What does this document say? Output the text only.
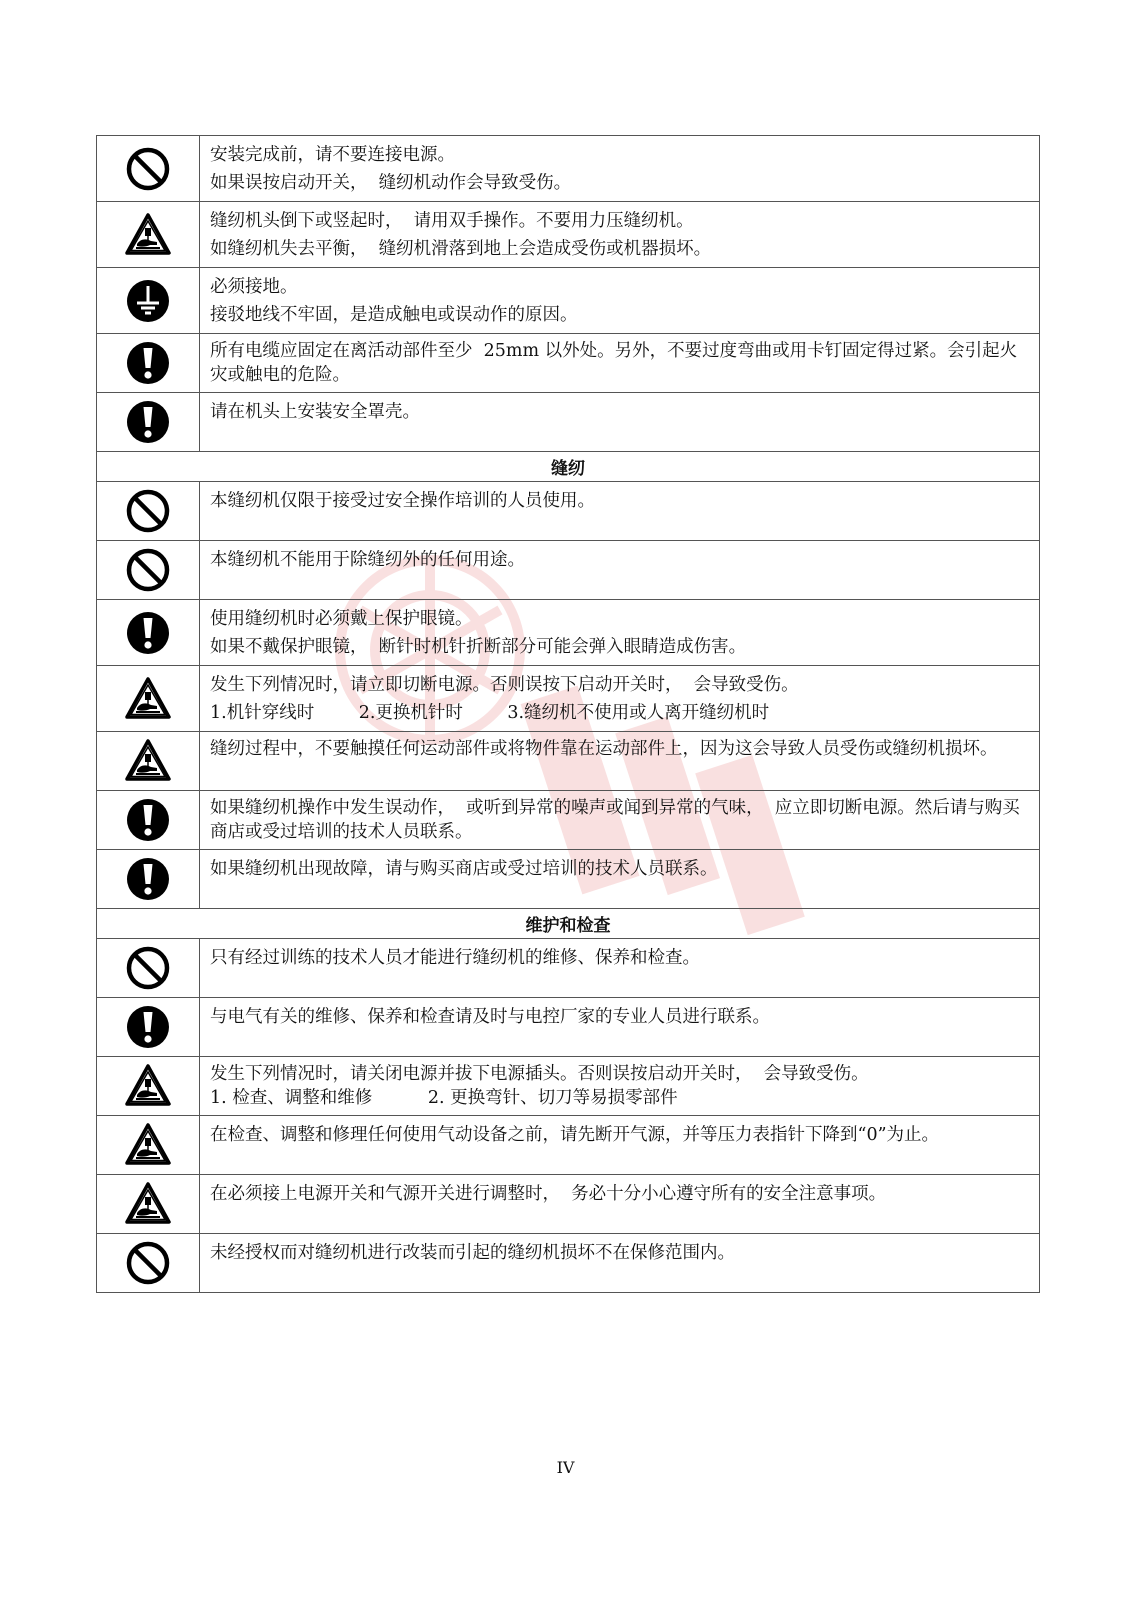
安装完成前，请不要连接电源。
如果误按启动开关，  缝纫机动作会导致受伤。

缝纫机头倒下或竖起时，  请用双手操作。不要用力压缝纫机。
如缝纫机失去平衡，  缝纫机滑落到地上会造成受伤或机器损坏。

必须接地。
接驳地线不牢固，是造成触电或误动作的原因。

所有电缆应固定在离活动部件至少  25mm 以外处。另外，不要过度弯曲或用卡钉固定得过紧。会引起火灾或触电的危险。

请在机头上安装安全罩壳。

缝纫	

本缝纫机仅限于接受过安全操作培训的人员使用。

本缝纫机不能用于除缝纫外的任何用途。

使用缝纫机时必须戴上保护眼镜。
如果不戴保护眼镜，  断针时机针折断部分可能会弹入眼睛造成伤害。

发生下列情况时，请立即切断电源。否则误按下启动开关时，  会导致受伤。
1.机针穿线时        2.更换机针时        3.缝纫机不使用或人离开缝纫机时

缝纫过程中，不要触摸任何运动部件或将物件靠在运动部件上，因为这会导致人员受伤或缝纫机损坏。

如果缝纫机操作中发生误动作，  或听到异常的噪声或闻到异常的气味，  应立即切断电源。然后请与购买商店或受过培训的技术人员联系。

如果缝纫机出现故障，请与购买商店或受过培训的技术人员联系。

维护和检查	

只有经过训练的技术人员才能进行缝纫机的维修、保养和检查。

与电气有关的维修、保养和检查请及时与电控厂家的专业人员进行联系。

发生下列情况时，请关闭电源并拔下电源插头。否则误按启动开关时，  会导致受伤。
1. 检查、调整和维修          2. 更换弯针、切刀等易损零部件

在检查、调整和修理任何使用气动设备之前，请先断开气源，并等压力表指针下降到“0”为止。

在必须接上电源开关和气源开关进行调整时，  务必十分小心遵守所有的安全注意事项。

未经授权而对缝纫机进行改装而引起的缝纫机损坏不在保修范围内。
IV
